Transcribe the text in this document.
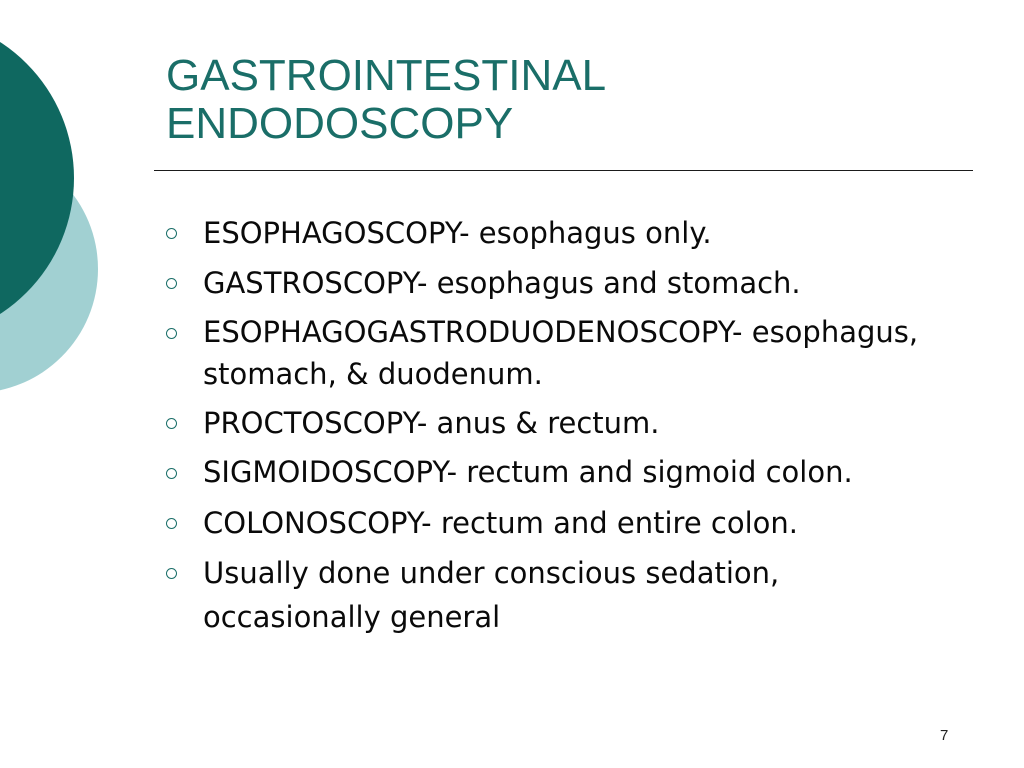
GASTROINTESTINAL
ENDODOSCOPY
ESOPHAGOSCOPY- esophagus only.
GASTROSCOPY- esophagus and stomach.
ESOPHAGOGASTRODUODENOSCOPY- esophagus, stomach, & duodenum.
PROCTOSCOPY- anus & rectum.
SIGMOIDOSCOPY- rectum and sigmoid colon.
COLONOSCOPY- rectum and entire colon.
Usually done under conscious sedation, occasionally general
7
